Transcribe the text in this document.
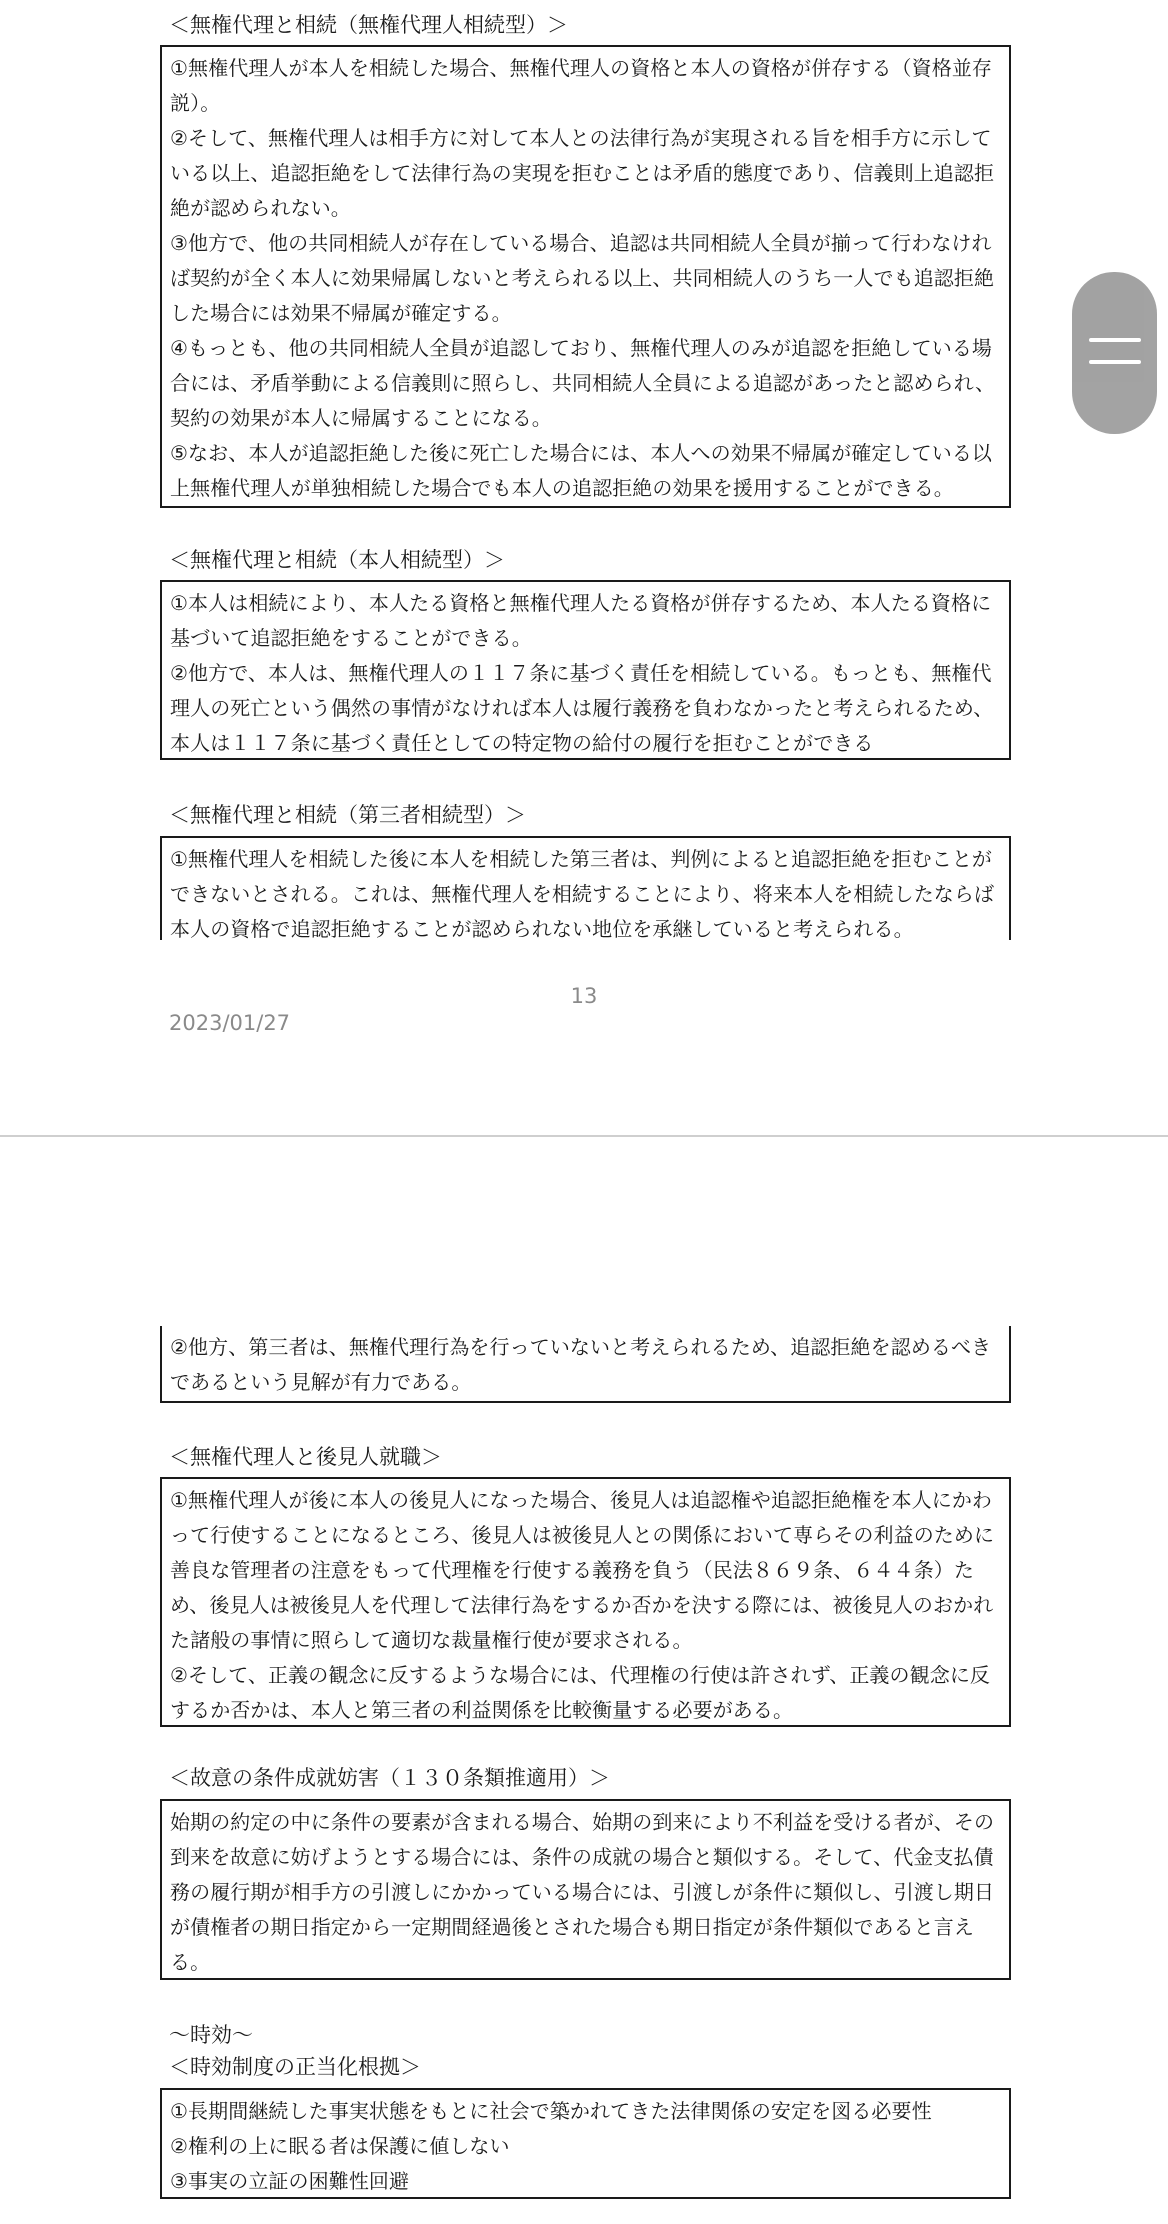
＜無権代理と相続（無権代理人相続型）＞

①無権代理人が本人を相続した場合、無権代理人の資格と本人の資格が併存する（資格並存説）。

②そして、無権代理人は相手方に対して本人との法律行為が実現される旨を相手方に示している以上、追認拒絶をして法律行為の実現を拒むことは矛盾的態度であり、信義則上追認拒絶が認められない。

③他方で、他の共同相続人が存在している場合、追認は共同相続人全員が揃って行わなければ契約が全く本人に効果帰属しないと考えられる以上、共同相続人のうち一人でも追認拒絶した場合には効果不帰属が確定する。

④もっとも、他の共同相続人全員が追認しており、無権代理人のみが追認を拒絶している場合には、矛盾挙動による信義則に照らし、共同相続人全員による追認があったと認められ、契約の効果が本人に帰属することになる。

⑤なお、本人が追認拒絶した後に死亡した場合には、本人への効果不帰属が確定している以上無権代理人が単独相続した場合でも本人の追認拒絶の効果を援用することができる。

＜無権代理と相続（本人相続型）＞

①本人は相続により、本人たる資格と無権代理人たる資格が併存するため、本人たる資格に基づいて追認拒絶をすることができる。

②他方で、本人は、無権代理人の１１７条に基づく責任を相続している。もっとも、無権代理人の死亡という偶然の事情がなければ本人は履行義務を負わなかったと考えられるため、本人は１１７条に基づく責任としての特定物の給付の履行を拒むことができる

＜無権代理と相続（第三者相続型）＞

①無権代理人を相続した後に本人を相続した第三者は、判例によると追認拒絶を拒むことができないとされる。これは、無権代理人を相続することにより、将来本人を相続したならば本人の資格で追認拒絶することが認められない地位を承継していると考えられる。

13
2023/01/27

②他方、第三者は、無権代理行為を行っていないと考えられるため、追認拒絶を認めるべきであるという見解が有力である。

＜無権代理人と後見人就職＞

①無権代理人が後に本人の後見人になった場合、後見人は追認権や追認拒絶権を本人にかわって行使することになるところ、後見人は被後見人との関係において専らその利益のために善良な管理者の注意をもって代理権を行使する義務を負う（民法８６９条、６４４条）ため、後見人は被後見人を代理して法律行為をするか否かを決する際には、被後見人のおかれた諸般の事情に照らして適切な裁量権行使が要求される。

②そして、正義の観念に反するような場合には、代理権の行使は許されず、正義の観念に反するか否かは、本人と第三者の利益関係を比較衡量する必要がある。

＜故意の条件成就妨害（１３０条類推適用）＞

始期の約定の中に条件の要素が含まれる場合、始期の到来により不利益を受ける者が、その到来を故意に妨げようとする場合には、条件の成就の場合と類似する。そして、代金支払債務の履行期が相手方の引渡しにかかっている場合には、引渡しが条件に類似し、引渡し期日が債権者の期日指定から一定期間経過後とされた場合も期日指定が条件類似であると言える。

〜時効〜
＜時効制度の正当化根拠＞

①長期間継続した事実状態をもとに社会で築かれてきた法律関係の安定を図る必要性

②権利の上に眠る者は保護に値しない

③事実の立証の困難性回避
